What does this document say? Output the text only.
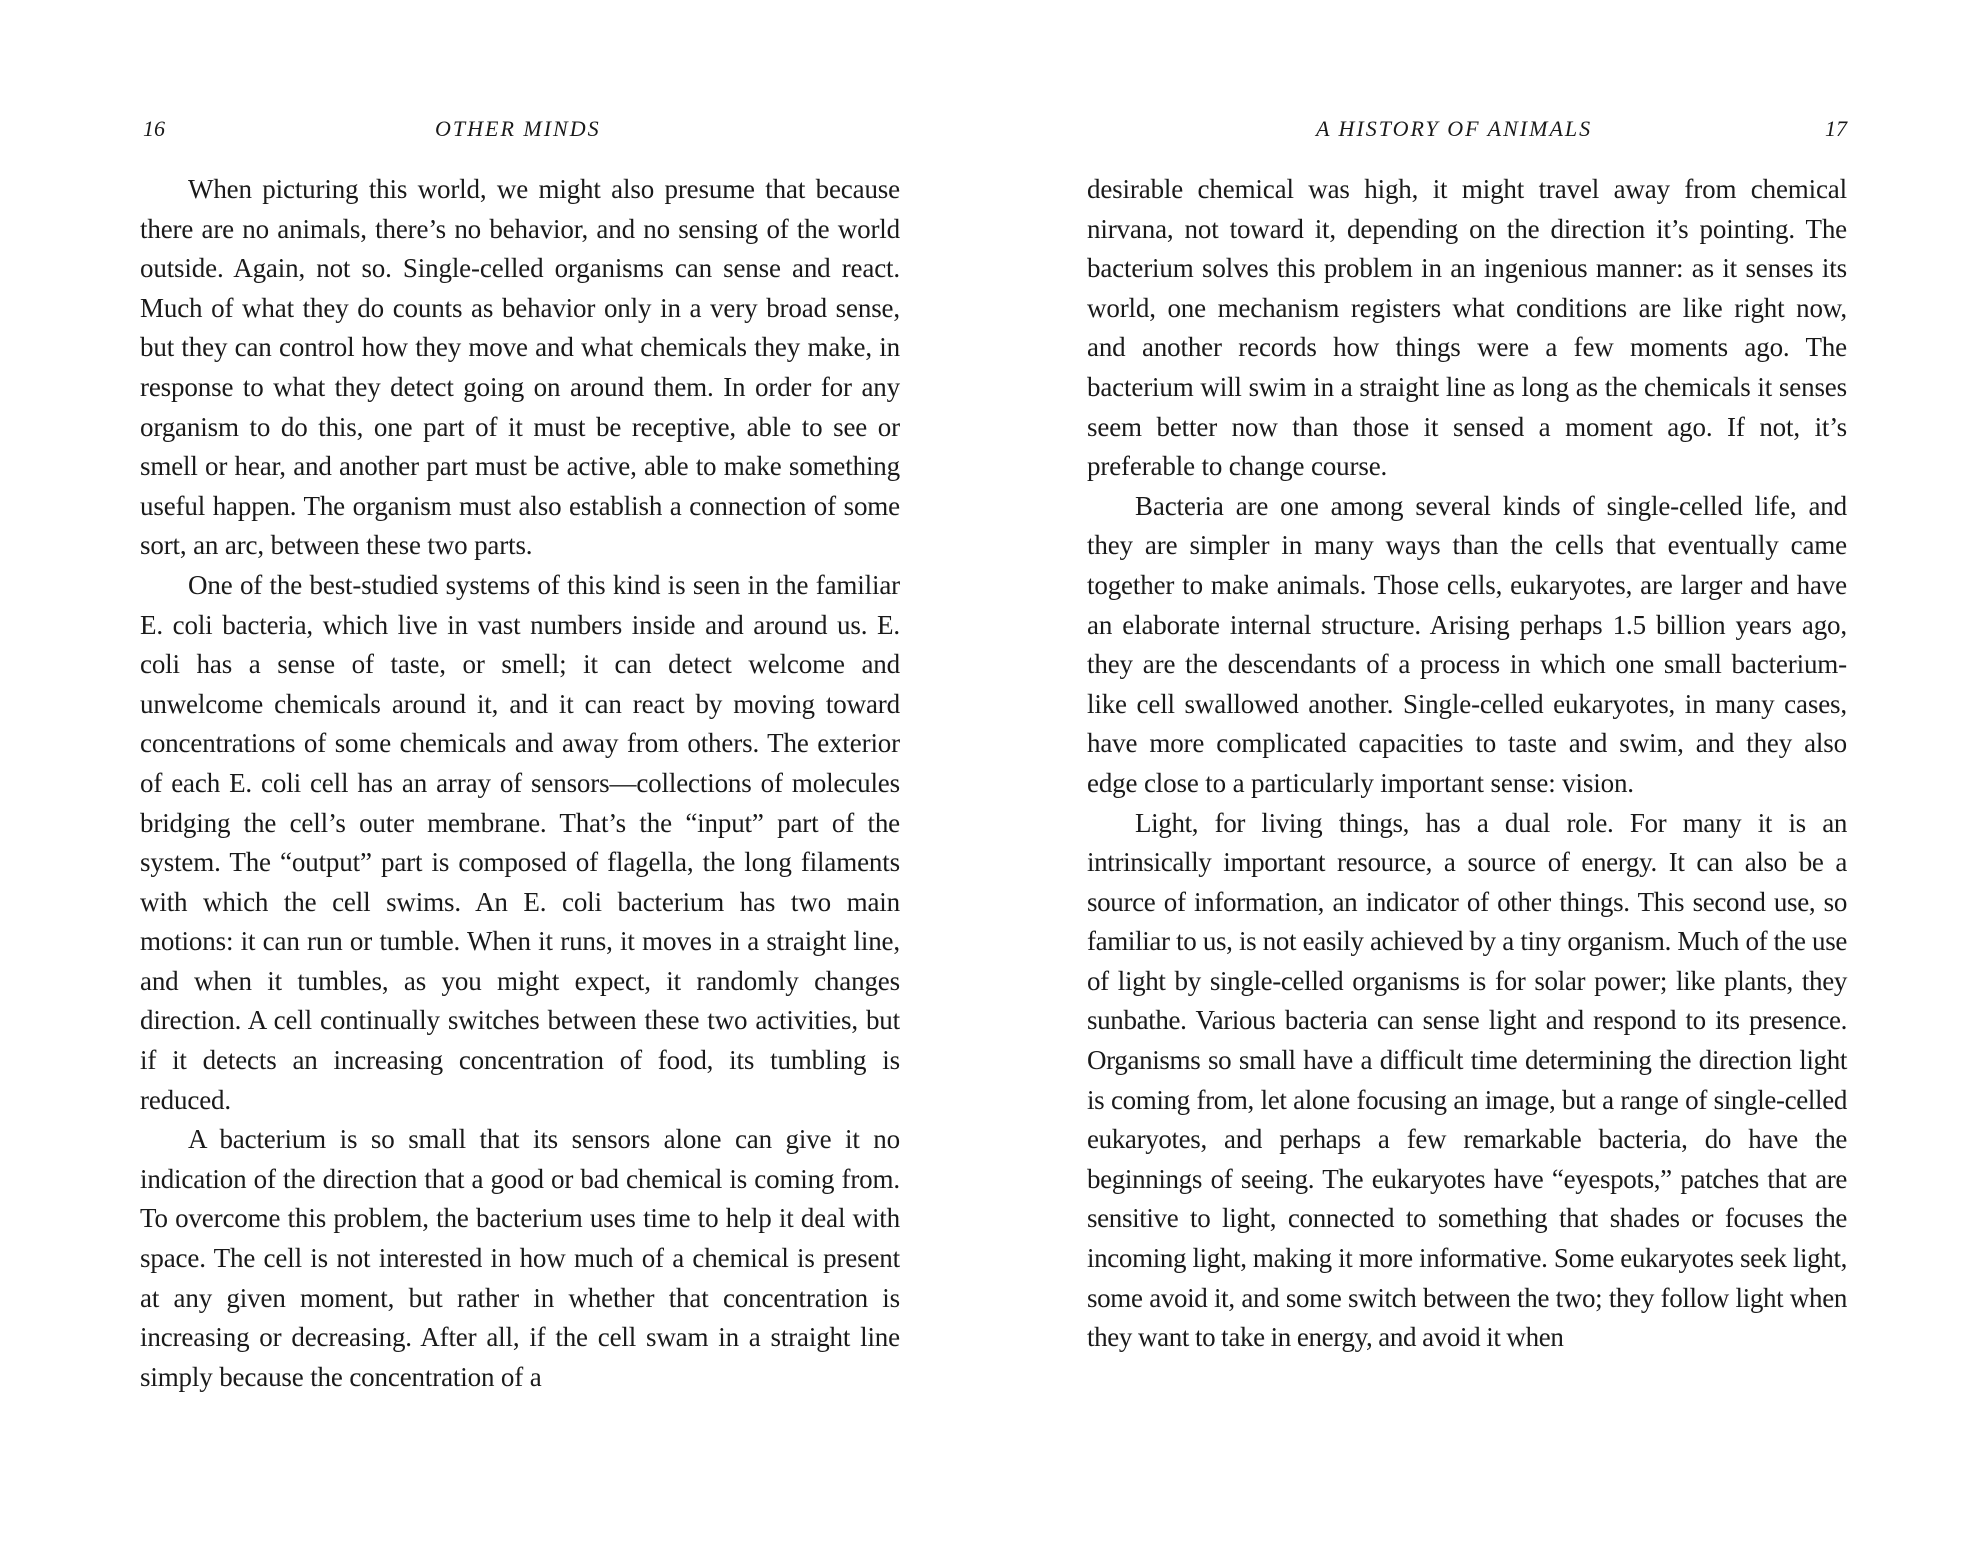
16	OTHER MINDS

When picturing this world, we might also presume that because there are no animals, there’s no behavior, and no sensing of the world outside. Again, not so. Single-celled organisms can sense and react. Much of what they do counts as behavior only in a very broad sense, but they can control how they move and what chemicals they make, in response to what they detect going on around them. In order for any organism to do this, one part of it must be receptive, able to see or smell or hear, and another part must be active, able to make something useful happen. The organism must also establish a connection of some sort, an arc, between these two parts.

One of the best-studied systems of this kind is seen in the familiar E. coli bacteria, which live in vast numbers inside and around us. E. coli has a sense of taste, or smell; it can detect welcome and unwelcome chemicals around it, and it can react by moving toward concentrations of some chemicals and away from others. The exterior of each E. coli cell has an array of sensors—collections of molecules bridging the cell’s outer membrane. That’s the “input” part of the system. The “output” part is composed of flagella, the long filaments with which the cell swims. An E. coli bacterium has two main motions: it can run or tumble. When it runs, it moves in a straight line, and when it tumbles, as you might expect, it randomly changes direction. A cell continually switches between these two activities, but if it detects an increasing concentration of food, its tumbling is reduced.

A bacterium is so small that its sensors alone can give it no indication of the direction that a good or bad chemical is coming from. To overcome this problem, the bacterium uses time to help it deal with space. The cell is not interested in how much of a chemical is present at any given moment, but rather in whether that concentration is increasing or decreasing. After all, if the cell swam in a straight line simply because the concentration of a

A HISTORY OF ANIMALS	17

desirable chemical was high, it might travel away from chemical nirvana, not toward it, depending on the direction it’s pointing. The bacterium solves this problem in an ingenious manner: as it senses its world, one mechanism registers what conditions are like right now, and another records how things were a few moments ago. The bacterium will swim in a straight line as long as the chemicals it senses seem better now than those it sensed a moment ago. If not, it’s preferable to change course.

Bacteria are one among several kinds of single-celled life, and they are simpler in many ways than the cells that eventually came together to make animals. Those cells, eukaryotes, are larger and have an elaborate internal structure. Arising perhaps 1.5 billion years ago, they are the descendants of a process in which one small bacterium-like cell swallowed another. Single-celled eukaryotes, in many cases, have more complicated capacities to taste and swim, and they also edge close to a particularly important sense: vision.

Light, for living things, has a dual role. For many it is an intrinsically important resource, a source of energy. It can also be a source of information, an indicator of other things. This second use, so familiar to us, is not easily achieved by a tiny organism. Much of the use of light by single-celled organisms is for solar power; like plants, they sunbathe. Various bacteria can sense light and respond to its presence. Organisms so small have a difficult time determining the direction light is coming from, let alone focusing an image, but a range of single-celled eukaryotes, and perhaps a few remarkable bacteria, do have the beginnings of seeing. The eukaryotes have “eyespots,” patches that are sensitive to light, connected to something that shades or focuses the incoming light, making it more informative. Some eukaryotes seek light, some avoid it, and some switch between the two; they follow light when they want to take in energy, and avoid it when
